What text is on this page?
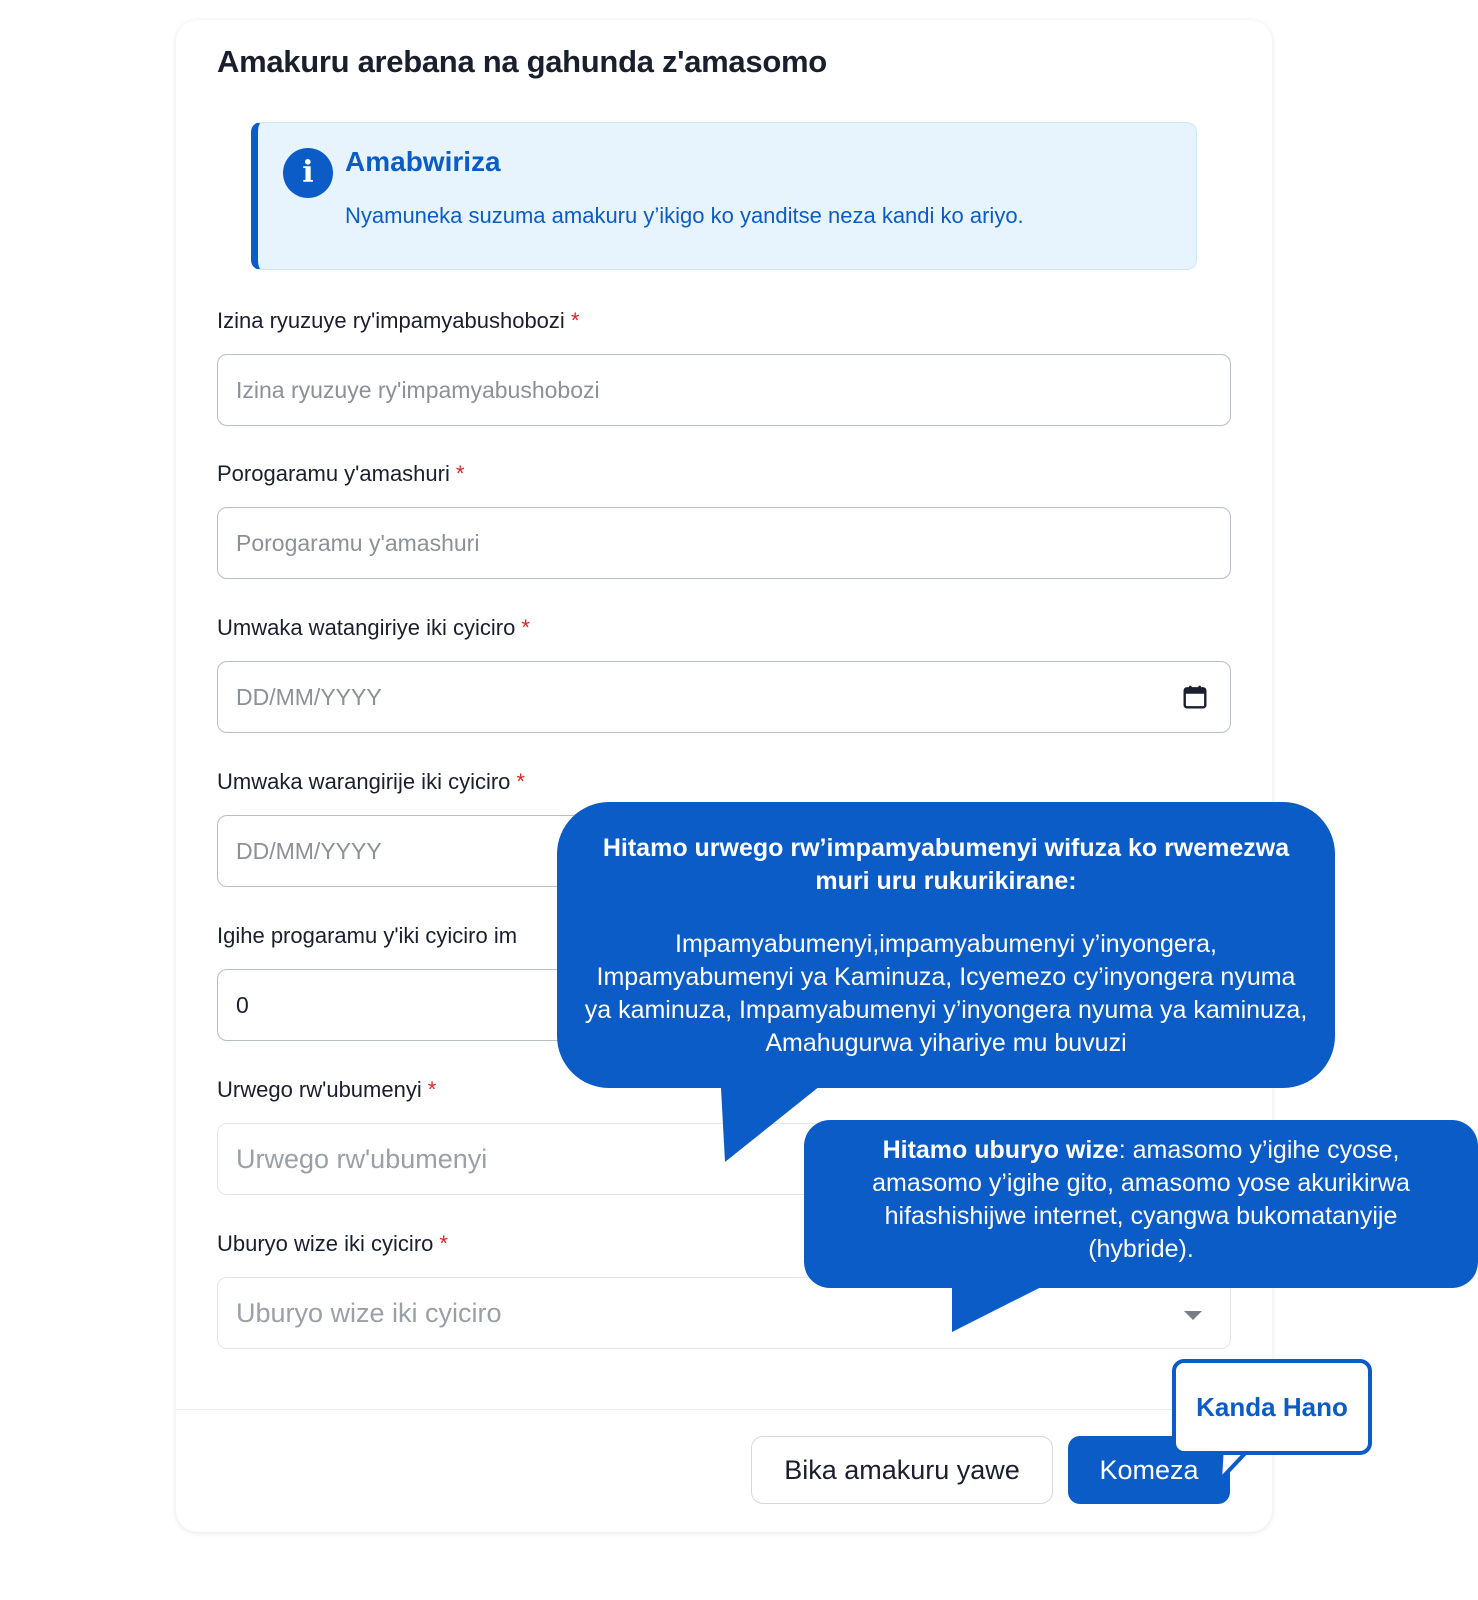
Amakuru arebana na gahunda z'amasomo
i	Amabwiriza
Nyamuneka suzuma amakuru y’ikigo ko yanditse neza kandi ko ariyo.
Izina ryuzuye ry'impamyabushobozi *
Izina ryuzuye ry'impamyabushobozi
Porogaramu y'amashuri *
Porogaramu y'amashuri
Umwaka watangiriye iki cyiciro *
DD/MM/YYYY
Umwaka warangirije iki cyiciro *
DD/MM/YYYY
Igihe progaramu y'iki cyiciro im
0
Urwego rw'ubumenyi *
Urwego rw'ubumenyi
Uburyo wize iki cyiciro *
Uburyo wize iki cyiciro
Bika amakuru yawe	Komeza
Hitamo urwego rw’impamyabumenyi wifuza ko rwemezwa muri uru rukurikirane:
Impamyabumenyi,impamyabumenyi y’inyongera, Impamyabumenyi ya Kaminuza, Icyemezo cy’inyongera nyuma ya kaminuza, Impamyabumenyi y’inyongera nyuma ya kaminuza, Amahugurwa yihariye mu buvuzi
Hitamo uburyo wize: amasomo y’igihe cyose, amasomo y’igihe gito, amasomo yose akurikirwa hifashishijwe internet, cyangwa bukomatanyije (hybride).
Kanda Hano
